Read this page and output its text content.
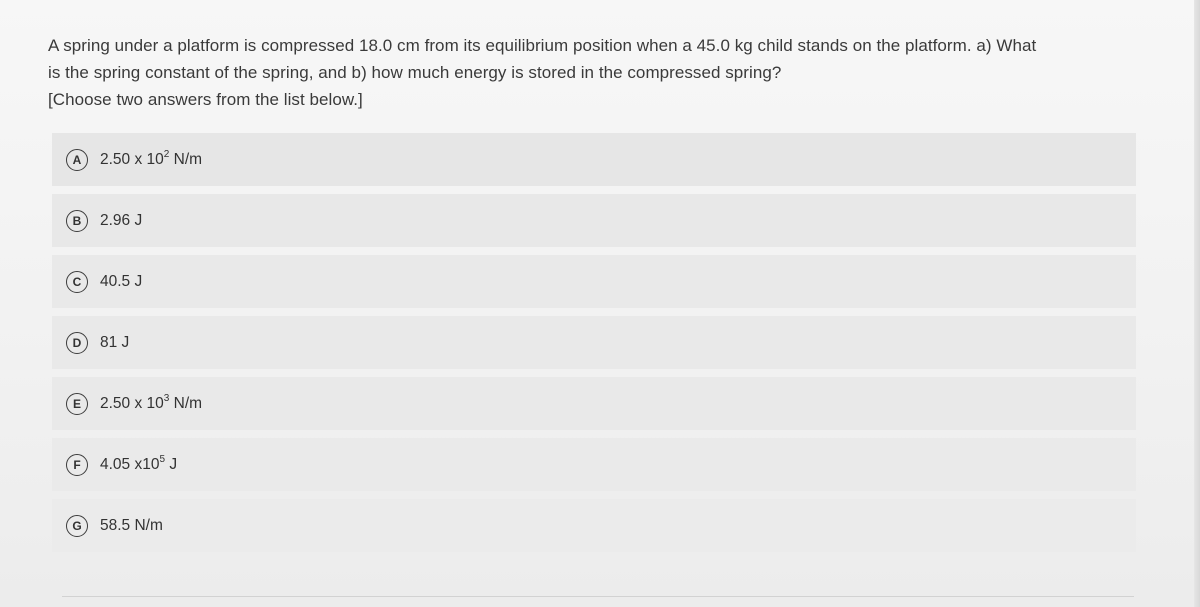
A spring under a platform is compressed 18.0 cm from its equilibrium position when a 45.0 kg child stands on the platform. a) What
is the spring constant of the spring, and b) how much energy is stored in the compressed spring?
[Choose two answers from the list below.]
A	2.50 x $10^2$ N/m
B	2.96 J
C	40.5 J
D	81 J
E	2.50 x $10^3$ N/m
F	4.05 $x10^5$ J
G	58.5 N/m
